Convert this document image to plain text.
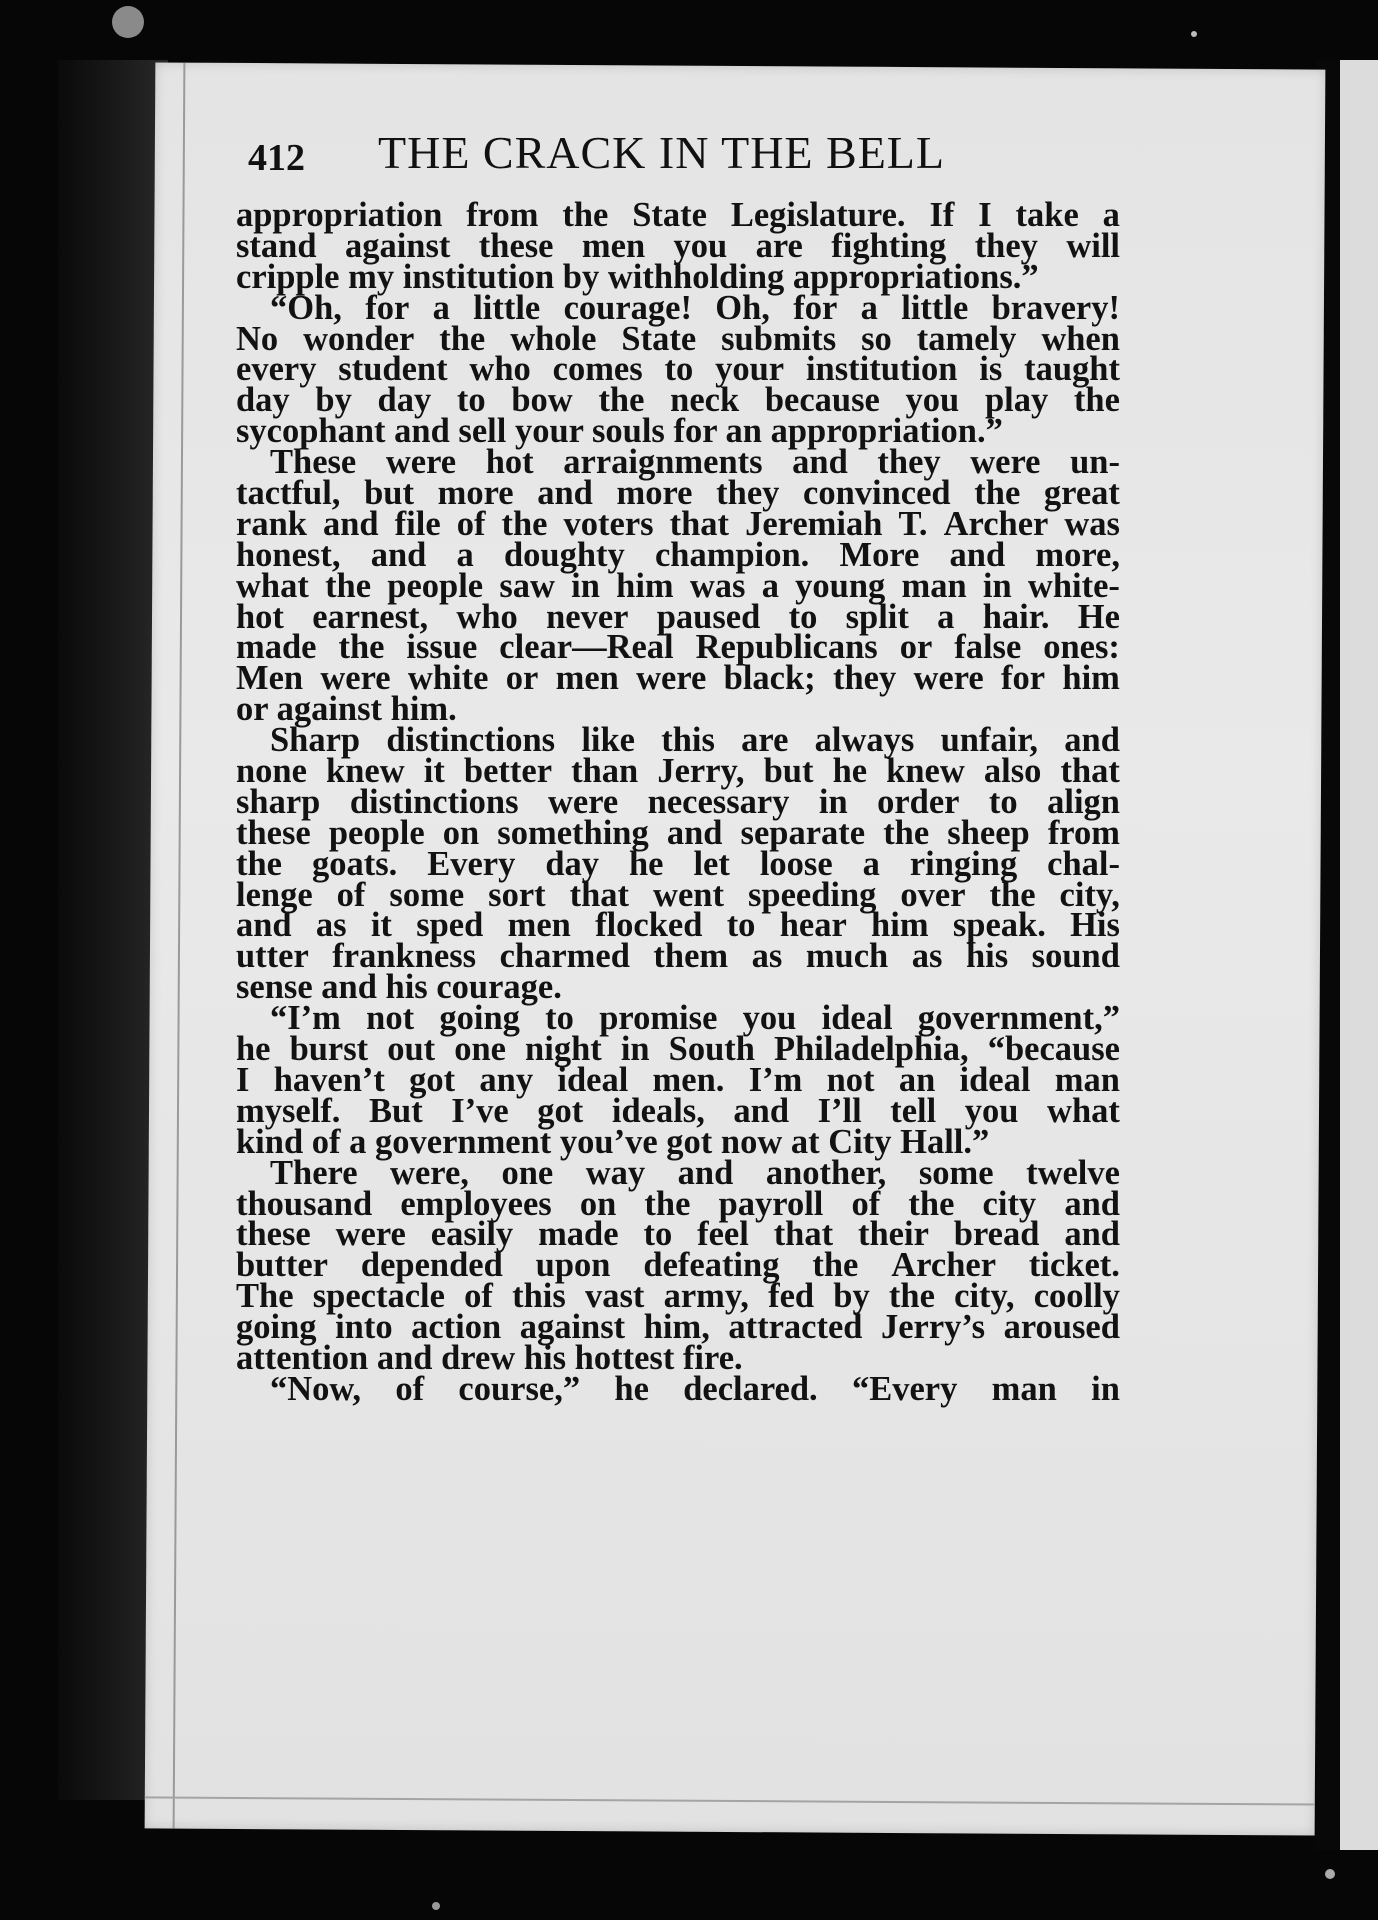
412 THE CRACK IN THE BELL
appropriation from the State Legislature. If I take a
stand against these men you are fighting they will
cripple my institution by withholding appropriations.”
“Oh, for a little courage! Oh, for a little bravery!
No wonder the whole State submits so tamely when
every student who comes to your institution is taught
day by day to bow the neck because you play the
sycophant and sell your souls for an appropriation.”
These were hot arraignments and they were un-
tactful, but more and more they convinced the great
rank and file of the voters that Jeremiah T. Archer was
honest, and a doughty champion. More and more,
what the people saw in him was a young man in white-
hot earnest, who never paused to split a hair. He
made the issue clear—Real Republicans or false ones:
Men were white or men were black; they were for him
or against him.
Sharp distinctions like this are always unfair, and
none knew it better than Jerry, but he knew also that
sharp distinctions were necessary in order to align
these people on something and separate the sheep from
the goats. Every day he let loose a ringing chal-
lenge of some sort that went speeding over the city,
and as it sped men flocked to hear him speak. His
utter frankness charmed them as much as his sound
sense and his courage.
“I’m not going to promise you ideal government,”
he burst out one night in South Philadelphia, “because
I haven’t got any ideal men. I’m not an ideal man
myself. But I’ve got ideals, and I’ll tell you what
kind of a government you’ve got now at City Hall.”
There were, one way and another, some twelve
thousand employees on the payroll of the city and
these were easily made to feel that their bread and
butter depended upon defeating the Archer ticket.
The spectacle of this vast army, fed by the city, coolly
going into action against him, attracted Jerry’s aroused
attention and drew his hottest fire.
“Now, of course,” he declared. “Every man in
